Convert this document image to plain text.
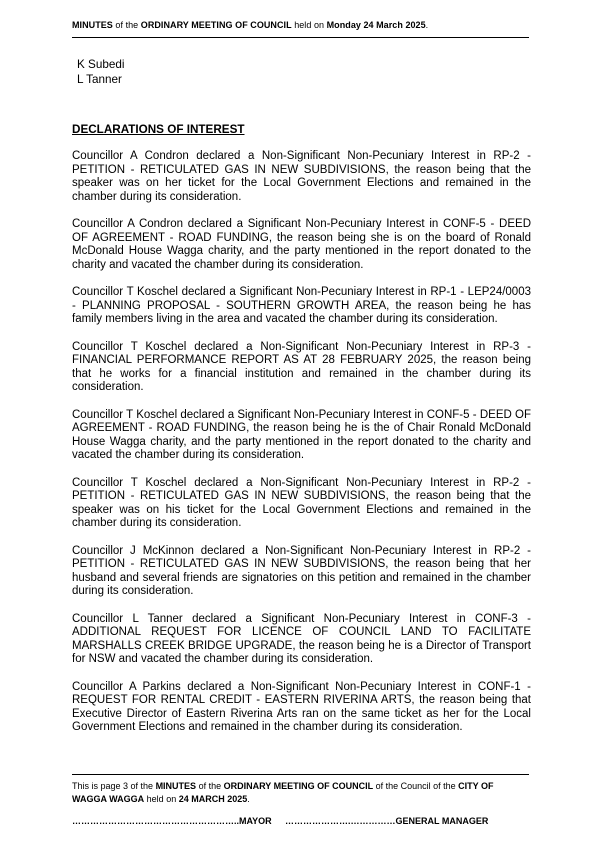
MINUTES of the ORDINARY MEETING OF COUNCIL held on Monday 24 March 2025.
K Subedi
L Tanner
DECLARATIONS OF INTEREST

Councillor A Condron declared a Non-Significant Non-Pecuniary Interest in RP-2 - PETITION - RETICULATED GAS IN NEW SUBDIVISIONS, the reason being that the speaker was on her ticket for the Local Government Elections and remained in the chamber during its consideration.

Councillor A Condron declared a Significant Non-Pecuniary Interest in CONF-5 - DEED OF AGREEMENT - ROAD FUNDING, the reason being she is on the board of Ronald McDonald House Wagga charity, and the party mentioned in the report donated to the charity and vacated the chamber during its consideration.

Councillor T Koschel declared a Significant Non-Pecuniary Interest in RP-1 - LEP24/0003 - PLANNING PROPOSAL - SOUTHERN GROWTH AREA, the reason being he has family members living in the area and vacated the chamber during its consideration.

Councillor T Koschel declared a Non-Significant Non-Pecuniary Interest in RP-3 - FINANCIAL PERFORMANCE REPORT AS AT 28 FEBRUARY 2025, the reason being that he works for a financial institution and remained in the chamber during its consideration.

Councillor T Koschel declared a Significant Non-Pecuniary Interest in CONF-5 - DEED OF AGREEMENT - ROAD FUNDING, the reason being he is the of Chair Ronald McDonald House Wagga charity, and the party mentioned in the report donated to the charity and vacated the chamber during its consideration.

Councillor T Koschel declared a Non-Significant Non-Pecuniary Interest in RP-2 - PETITION - RETICULATED GAS IN NEW SUBDIVISIONS, the reason being that the speaker was on his ticket for the Local Government Elections and remained in the chamber during its consideration.

Councillor J McKinnon declared a Non-Significant Non-Pecuniary Interest in RP-2 - PETITION - RETICULATED GAS IN NEW SUBDIVISIONS, the reason being that her husband and several friends are signatories on this petition and remained in the chamber during its consideration.

Councillor L Tanner declared a Significant Non-Pecuniary Interest in CONF-3 - ADDITIONAL REQUEST FOR LICENCE OF COUNCIL LAND TO FACILITATE MARSHALLS CREEK BRIDGE UPGRADE, the reason being he is a Director of Transport for NSW and vacated the chamber during its consideration.

Councillor A Parkins declared a Non-Significant Non-Pecuniary Interest in CONF-1 - REQUEST FOR RENTAL CREDIT - EASTERN RIVERINA ARTS, the reason being that Executive Director of Eastern Riverina Arts ran on the same ticket as her for the Local Government Elections and remained in the chamber during its consideration.

This is page 3 of the MINUTES of the ORDINARY MEETING OF COUNCIL of the Council of the CITY OF WAGGA WAGGA held on 24 MARCH 2025.
………………………………………………..MAYOR ………………….……………GENERAL MANAGER
